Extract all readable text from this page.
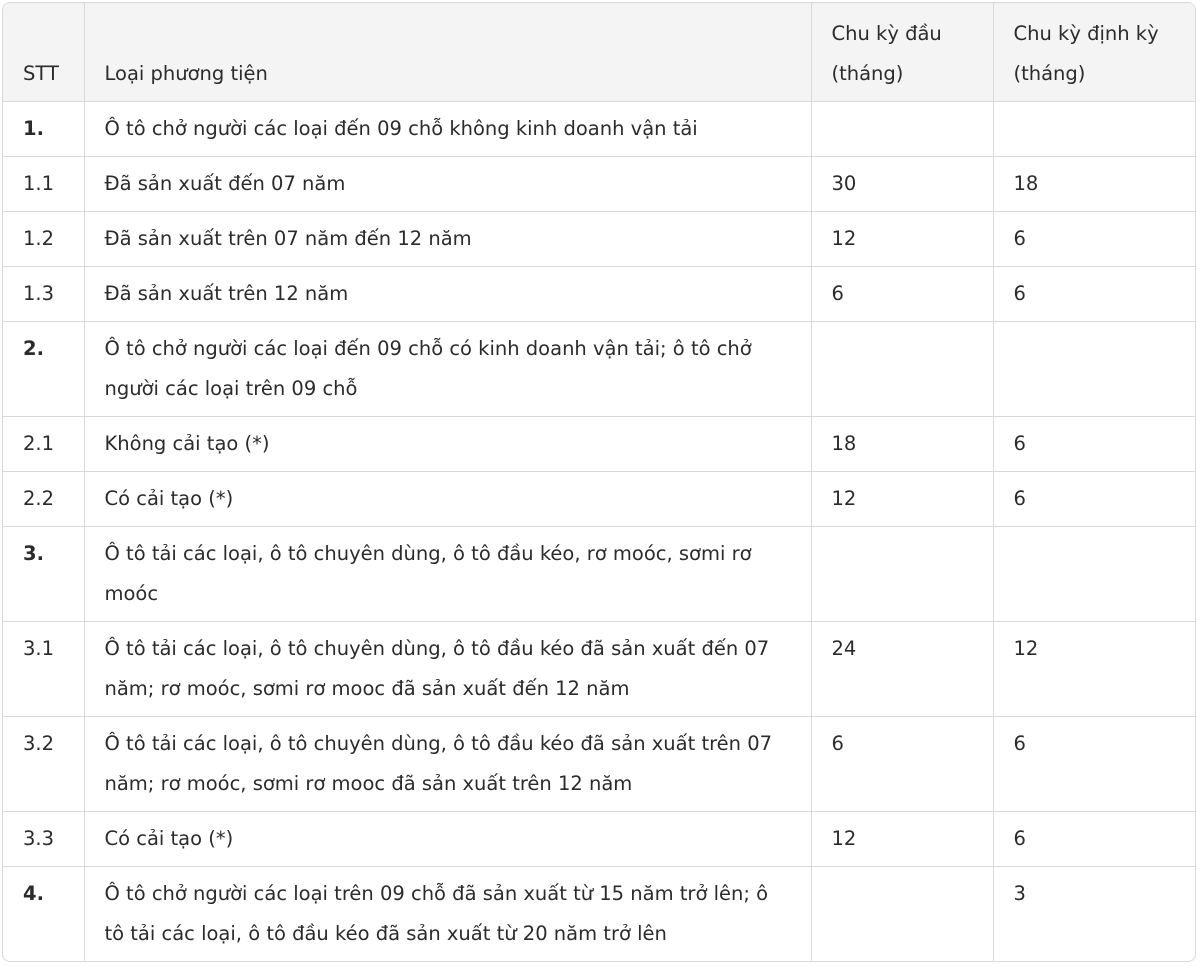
STT	Loại phương tiện	Chu kỳ đầu (tháng)	Chu kỳ định kỳ (tháng)
1.	Ô tô chở người các loại đến 09 chỗ không kinh doanh vận tải		
1.1	Đã sản xuất đến 07 năm	30	18
1.2	Đã sản xuất trên 07 năm đến 12 năm	12	6
1.3	Đã sản xuất trên 12 năm	6	6
2.	Ô tô chở người các loại đến 09 chỗ có kinh doanh vận tải; ô tô chở người các loại trên 09 chỗ		
2.1	Không cải tạo (*)	18	6
2.2	Có cải tạo (*)	12	6
3.	Ô tô tải các loại, ô tô chuyên dùng, ô tô đầu kéo, rơ moóc, sơmi rơ moóc		
3.1	Ô tô tải các loại, ô tô chuyên dùng, ô tô đầu kéo đã sản xuất đến 07 năm; rơ moóc, sơmi rơ mooc đã sản xuất đến 12 năm	24	12
3.2	Ô tô tải các loại, ô tô chuyên dùng, ô tô đầu kéo đã sản xuất trên 07 năm; rơ moóc, sơmi rơ mooc đã sản xuất trên 12 năm	6	6
3.3	Có cải tạo (*)	12	6
4.	Ô tô chở người các loại trên 09 chỗ đã sản xuất từ 15 năm trở lên; ô tô tải các loại, ô tô đầu kéo đã sản xuất từ 20 năm trở lên		3
